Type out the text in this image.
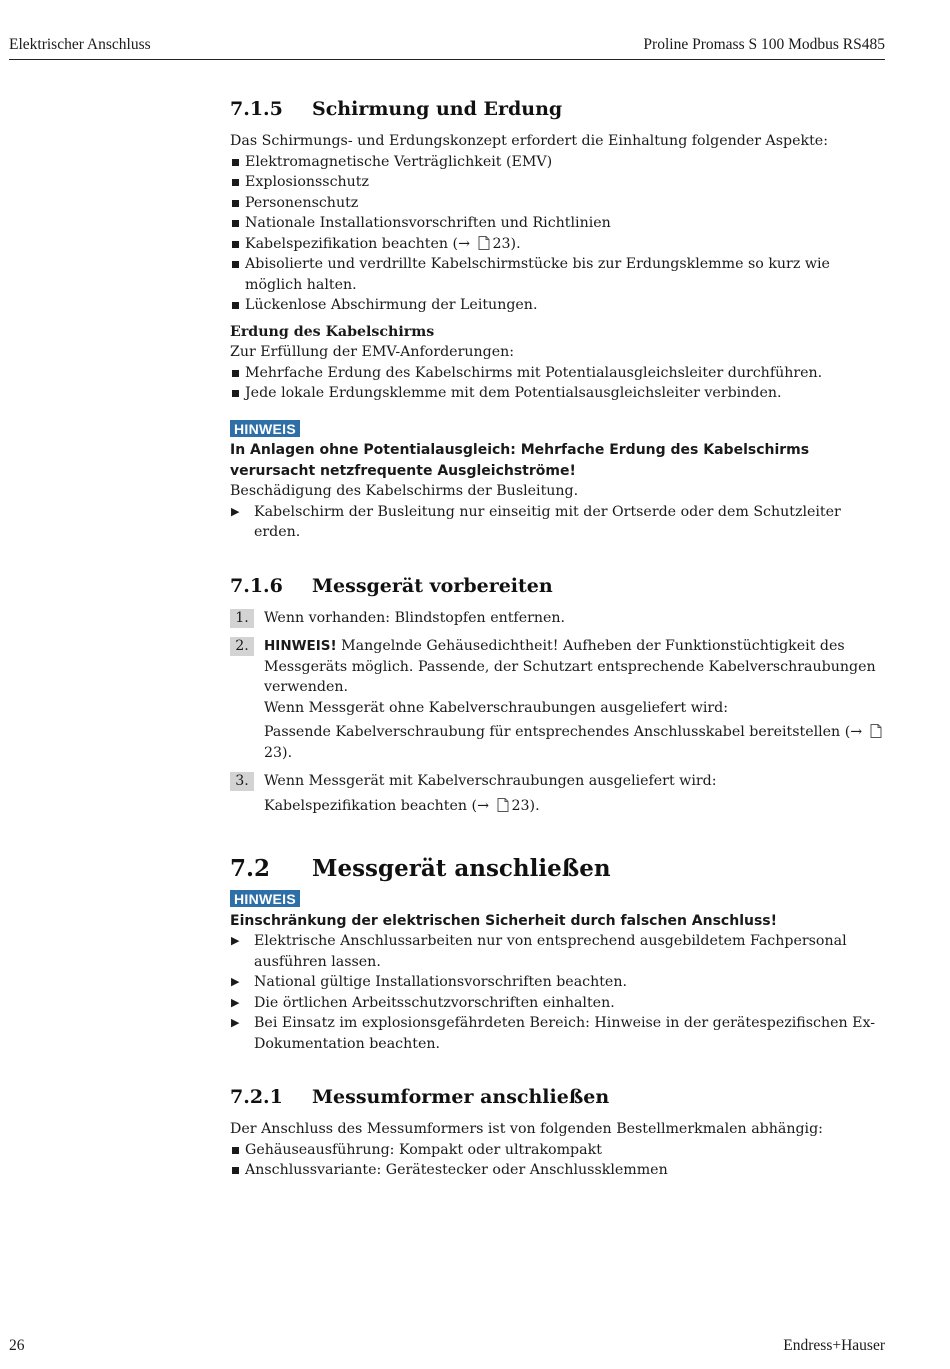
Elektrischer Anschluss	Proline Promass S 100 Modbus RS485
7.1.5	Schirmung und Erdung
Das Schirmungs- und Erdungskonzept erfordert die Einhaltung folgender Aspekte:
Elektromagnetische Verträglichkeit (EMV)
Explosionsschutz
Personenschutz
Nationale Installationsvorschriften und Richtlinien
Kabelspezifikation beachten (→ 23).
Abisolierte und verdrillte Kabelschirmstücke bis zur Erdungsklemme so kurz wie möglich halten.
Lückenlose Abschirmung der Leitungen.
Erdung des Kabelschirms
Zur Erfüllung der EMV-Anforderungen:
Mehrfache Erdung des Kabelschirms mit Potentialausgleichsleiter durchführen.
Jede lokale Erdungsklemme mit dem Potentialsausgleichsleiter verbinden.
HINWEIS
In Anlagen ohne Potentialausgleich: Mehrfache Erdung des Kabelschirms verursacht netzfrequente Ausgleichströme!
Beschädigung des Kabelschirms der Busleitung.
▶ Kabelschirm der Busleitung nur einseitig mit der Ortserde oder dem Schutzleiter erden.
7.1.6	Messgerät vorbereiten
1.	Wenn vorhanden: Blindstopfen entfernen.
2.	HINWEIS! Mangelnde Gehäusedichtheit! Aufheben der Funktionstüchtigkeit des Messgeräts möglich. Passende, der Schutzart entsprechende Kabelverschraubungen verwenden.
Wenn Messgerät ohne Kabelverschraubungen ausgeliefert wird:
Passende Kabelverschraubung für entsprechendes Anschlusskabel bereitstellen (→ 23).
3.	Wenn Messgerät mit Kabelverschraubungen ausgeliefert wird:
Kabelspezifikation beachten (→ 23).
7.2	Messgerät anschließen
HINWEIS
Einschränkung der elektrischen Sicherheit durch falschen Anschluss!
▶ Elektrische Anschlussarbeiten nur von entsprechend ausgebildetem Fachpersonal ausführen lassen.
▶ National gültige Installationsvorschriften beachten.
▶ Die örtlichen Arbeitsschutzvorschriften einhalten.
▶ Bei Einsatz im explosionsgefährdeten Bereich: Hinweise in der gerätespezifischen Ex-Dokumentation beachten.
7.2.1	Messumformer anschließen
Der Anschluss des Messumformers ist von folgenden Bestellmerkmalen abhängig:
Gehäuseausführung: Kompakt oder ultrakompakt
Anschlussvariante: Gerätestecker oder Anschlussklemmen
26	Endress+Hauser
